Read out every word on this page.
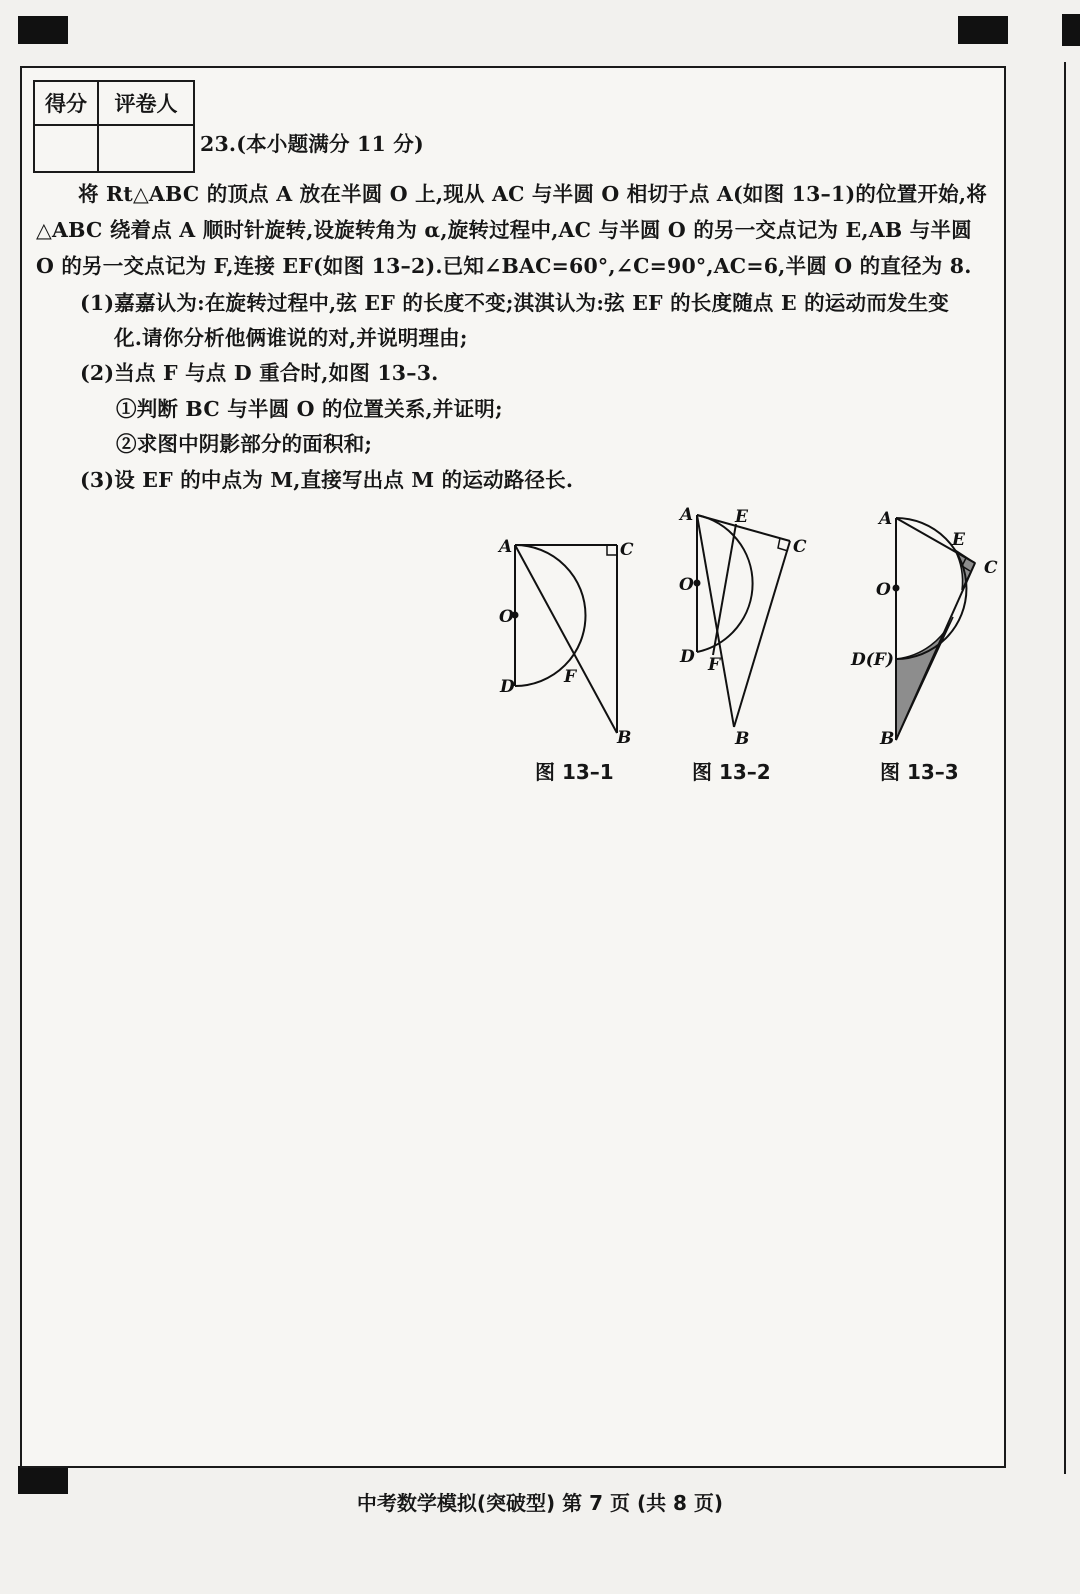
得分	评卷人

23.(本小题满分 11 分)
将 Rt△ABC 的顶点 A 放在半圆 O 上,现从 AC 与半圆 O 相切于点 A(如图 13–1)的位置开始,将
△ABC 绕着点 A 顺时针旋转,设旋转角为 α,旋转过程中,AC 与半圆 O 的另一交点记为 E,AB 与半圆
O 的另一交点记为 F,连接 EF(如图 13–2).已知∠BAC=60°,∠C=90°,AC=6,半圆 O 的直径为 8.
(1)嘉嘉认为:在旋转过程中,弦 EF 的长度不变;淇淇认为:弦 EF 的长度随点 E 的运动而发生变
化.请你分析他俩谁说的对,并说明理由;
(2)当点 F 与点 D 重合时,如图 13–3.
①判断 BC 与半圆 O 的位置关系,并证明;
②求图中阴影部分的面积和;
(3)设 EF 的中点为 M,直接写出点 M 的运动路径长.
A	C
O
D	F
B
A E
C
O
D F
B
A
E
C
O
D(F)
B
图 13–1	图 13–2	图 13–3
中考数学模拟(突破型) 第 7 页 (共 8 页)
